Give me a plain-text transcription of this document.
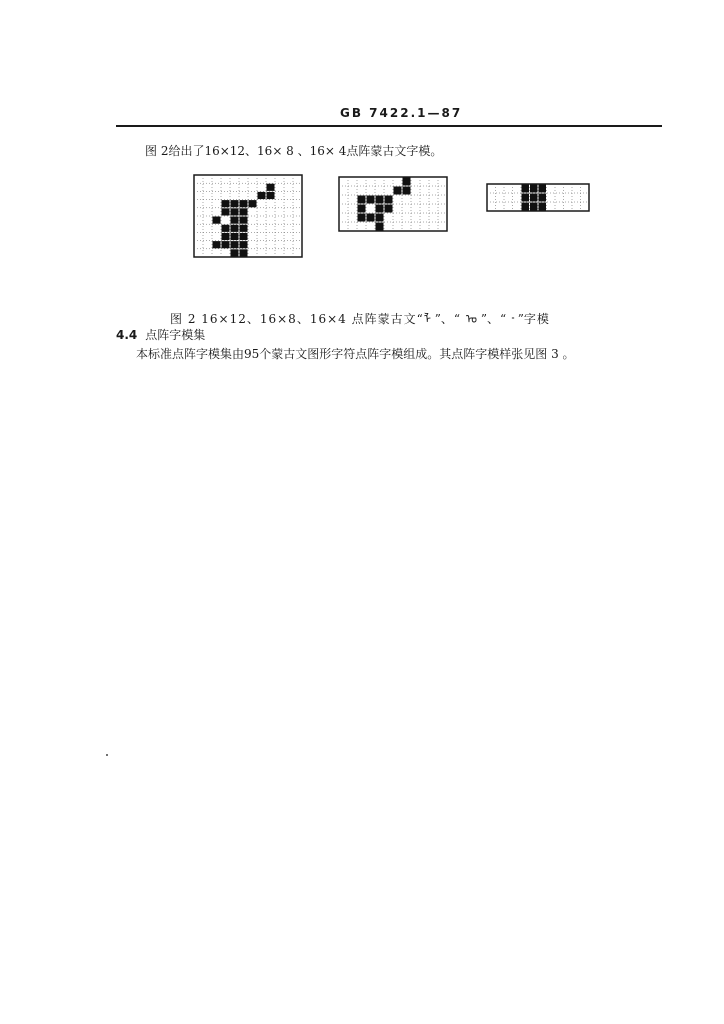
GB 7422.1—87
图 2给出了16×12、16× 8 、16× 4点阵蒙古文字模。
图 2 16×12、16×8、16×4 点阵蒙古文“ᠯ ”、“ ᠣ ”、“ ᠊ ”字模
4.4 点阵字模集
本标准点阵字模集由95个蒙古文图形字符点阵字模组成。其点阵字模样张见图 3 。
